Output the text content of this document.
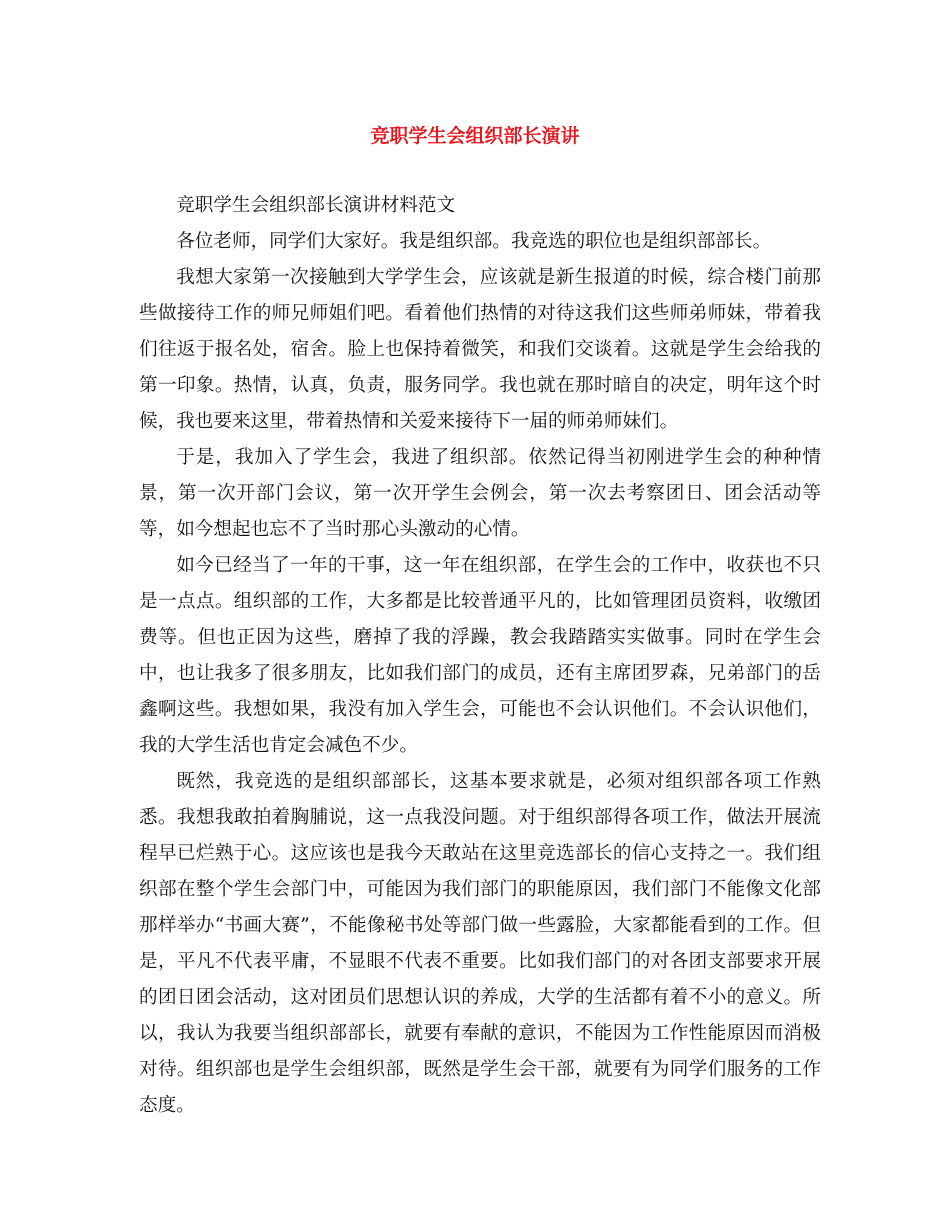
竞职学生会组织部长演讲

竞职学生会组织部长演讲材料范文

各位老师，同学们大家好。我是组织部。我竞选的职位也是组织部部长。

我想大家第一次接触到大学学生会，应该就是新生报道的时候，综合楼门前那些做接待工作的师兄师姐们吧。看着他们热情的对待这我们这些师弟师妹，带着我们往返于报名处，宿舍。脸上也保持着微笑，和我们交谈着。这就是学生会给我的第一印象。热情，认真，负责，服务同学。我也就在那时暗自的决定，明年这个时候，我也要来这里，带着热情和关爱来接待下一届的师弟师妹们。

于是，我加入了学生会，我进了组织部。依然记得当初刚进学生会的种种情景，第一次开部门会议，第一次开学生会例会，第一次去考察团日、团会活动等等，如今想起也忘不了当时那心头激动的心情。

如今已经当了一年的干事，这一年在组织部，在学生会的工作中，收获也不只是一点点。组织部的工作，大多都是比较普通平凡的，比如管理团员资料，收缴团费等。但也正因为这些，磨掉了我的浮躁，教会我踏踏实实做事。同时在学生会中，也让我多了很多朋友，比如我们部门的成员，还有主席团罗森，兄弟部门的岳鑫啊这些。我想如果，我没有加入学生会，可能也不会认识他们。不会认识他们，我的大学生活也肯定会减色不少。

既然，我竞选的是组织部部长，这基本要求就是，必须对组织部各项工作熟悉。我想我敢拍着胸脯说，这一点我没问题。对于组织部得各项工作，做法开展流程早已烂熟于心。这应该也是我今天敢站在这里竞选部长的信心支持之一。我们组织部在整个学生会部门中，可能因为我们部门的职能原因，我们部门不能像文化部那样举办“书画大赛”，不能像秘书处等部门做一些露脸，大家都能看到的工作。但是，平凡不代表平庸，不显眼不代表不重要。比如我们部门的对各团支部要求开展的团日团会活动，这对团员们思想认识的养成，大学的生活都有着不小的意义。所以，我认为我要当组织部部长，就要有奉献的意识，不能因为工作性能原因而消极对待。组织部也是学生会组织部，既然是学生会干部，就要有为同学们服务的工作态度。
